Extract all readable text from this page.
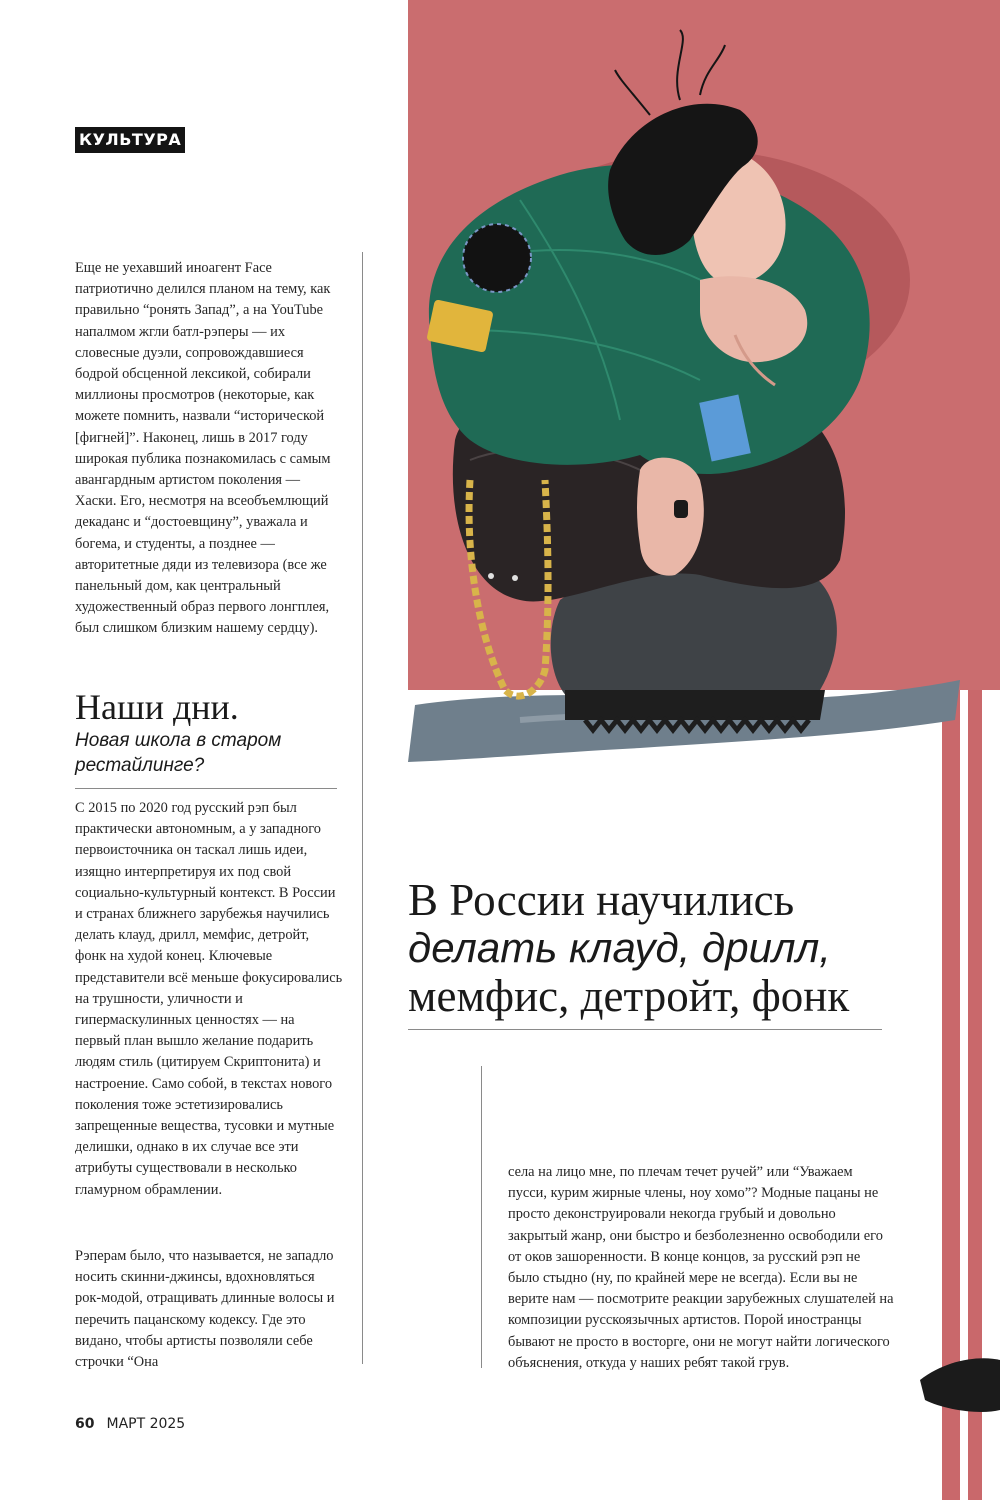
КУЛЬТУРА

Еще не уехавший иноагент Face патриотично делился планом на тему, как правильно “ронять Запад”, а на YouTube напалмом жгли батл-рэперы — их словесные дуэли, сопровождавшиеся бодрой обсценной лексикой, собирали миллионы просмотров (некоторые, как можете помнить, назвали “исторической [фигней]”. Наконец, лишь в 2017 году широкая публика познакомилась с самым авангардным артистом поколения — Хаски. Его, несмотря на всеобъемлющий декаданс и “достоевщину”, уважала и богема, и студенты, а позднее — авторитетные дяди из телевизора (все же панельный дом, как центральный художественный образ первого лонгплея, был слишком близким нашему сердцу).

Наши дни.
Новая школа в старом рестайлинге?

С 2015 по 2020 год русский рэп был практически автономным, а у западного первоисточника он таскал лишь идеи, изящно интерпретируя их под свой социально-культурный контекст. В России и странах ближнего зарубежья научились делать клауд, дрилл, мемфис, детройт, фонк на худой конец. Ключевые представители всё меньше фокусировались на трушности, уличности и гипермаскулинных ценностях — на первый план вышло желание подарить людям стиль (цитируем Скриптонита) и настроение. Само собой, в текстах нового поколения тоже эстетизировались запрещенные вещества, тусовки и мутные делишки, однако в их случае все эти атрибуты существовали в несколько гламурном обрамлении.

Рэперам было, что называется, не западло носить скинни-джинсы, вдохновляться рок-модой, отращивать длинные волосы и перечить пацанскому кодексу. Где это видано, чтобы артисты позволяли себе строчки “Она

В России научились
делать клауд, дрилл,
мемфис, детройт, фонк

села на лицо мне, по плечам течет ручей” или “Уважаем пусси, курим жирные члены, ноу хомо”? Модные пацаны не просто деконструировали некогда грубый и довольно закрытый жанр, они быстро и безболезненно освободили его от оков зашоренности. В конце концов, за русский рэп не было стыдно (ну, по крайней мере не всегда). Если вы не верите нам — посмотрите реакции зарубежных слушателей на композиции русскоязычных артистов. Порой иностранцы бывают не просто в восторге, они не могут найти логического объяснения, откуда у наших ребят такой грув.

60 МАРТ 2025
